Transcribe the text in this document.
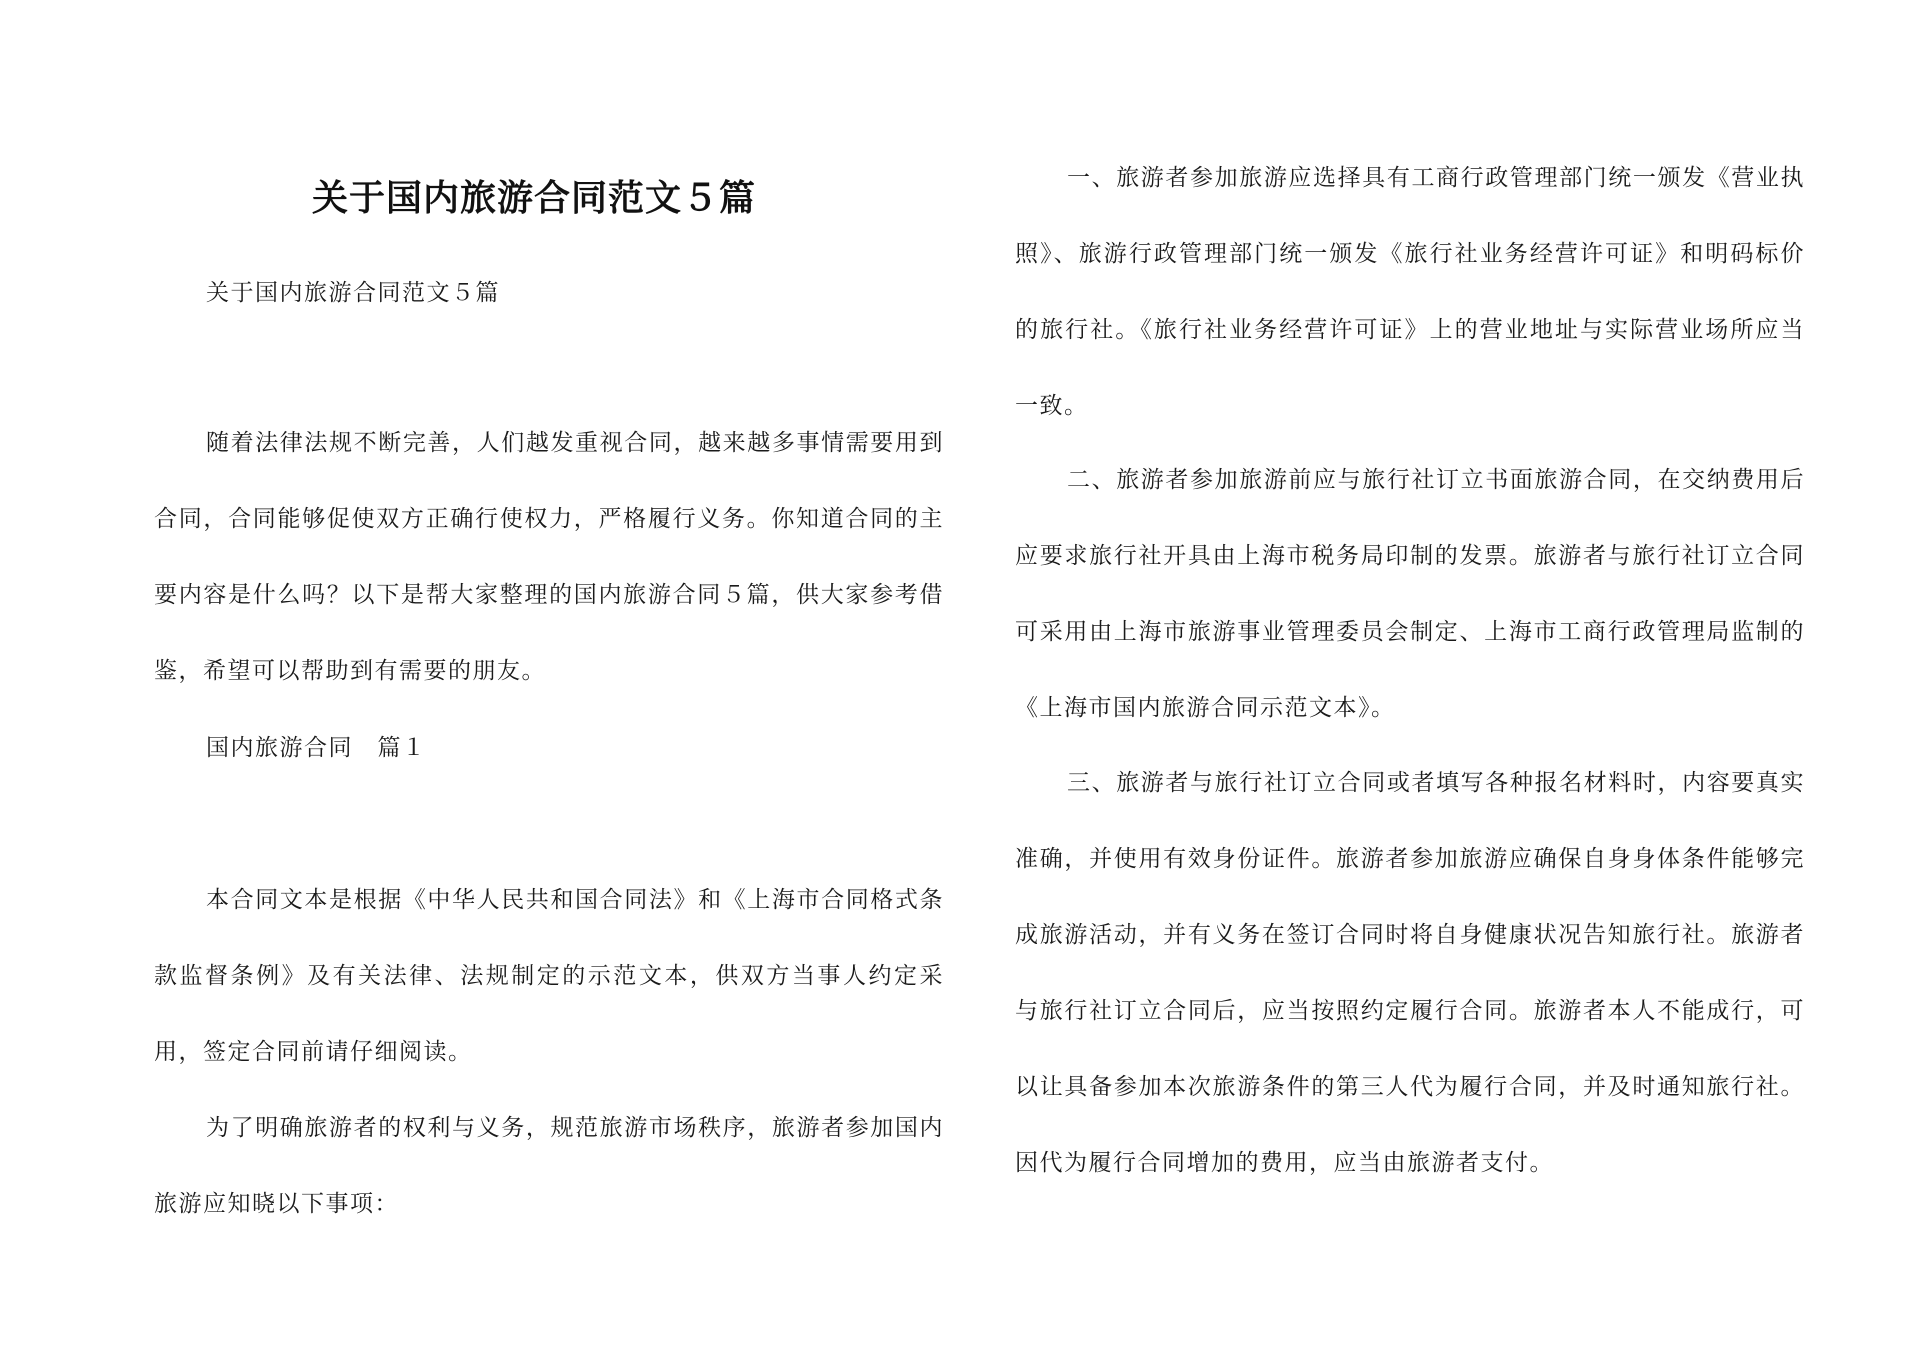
关于国内旅游合同范文５篇

关于国内旅游合同范文５篇

随着法律法规不断完善，人们越发重视合同，越来越多事情需要用到合同，合同能够促使双方正确行使权力，严格履行义务。你知道合同的主要内容是什么吗？以下是帮大家整理的国内旅游合同５篇，供大家参考借鉴，希望可以帮助到有需要的朋友。

国内旅游合同　篇１

本合同文本是根据《中华人民共和国合同法》和《上海市合同格式条款监督条例》及有关法律、法规制定的示范文本，供双方当事人约定采用，签定合同前请仔细阅读。

为了明确旅游者的权利与义务，规范旅游市场秩序，旅游者参加国内旅游应知晓以下事项：

一、旅游者参加旅游应选择具有工商行政管理部门统一颁发《营业执照》、旅游行政管理部门统一颁发《旅行社业务经营许可证》和明码标价的旅行社。《旅行社业务经营许可证》上的营业地址与实际营业场所应当一致。

二、旅游者参加旅游前应与旅行社订立书面旅游合同，在交纳费用后应要求旅行社开具由上海市税务局印制的发票。旅游者与旅行社订立合同可采用由上海市旅游事业管理委员会制定、上海市工商行政管理局监制的《上海市国内旅游合同示范文本》。

三、旅游者与旅行社订立合同或者填写各种报名材料时，内容要真实准确，并使用有效身份证件。旅游者参加旅游应确保自身身体条件能够完成旅游活动，并有义务在签订合同时将自身健康状况告知旅行社。旅游者与旅行社订立合同后，应当按照约定履行合同。旅游者本人不能成行，可以让具备参加本次旅游条件的第三人代为履行合同，并及时通知旅行社。因代为履行合同增加的费用，应当由旅游者支付。
